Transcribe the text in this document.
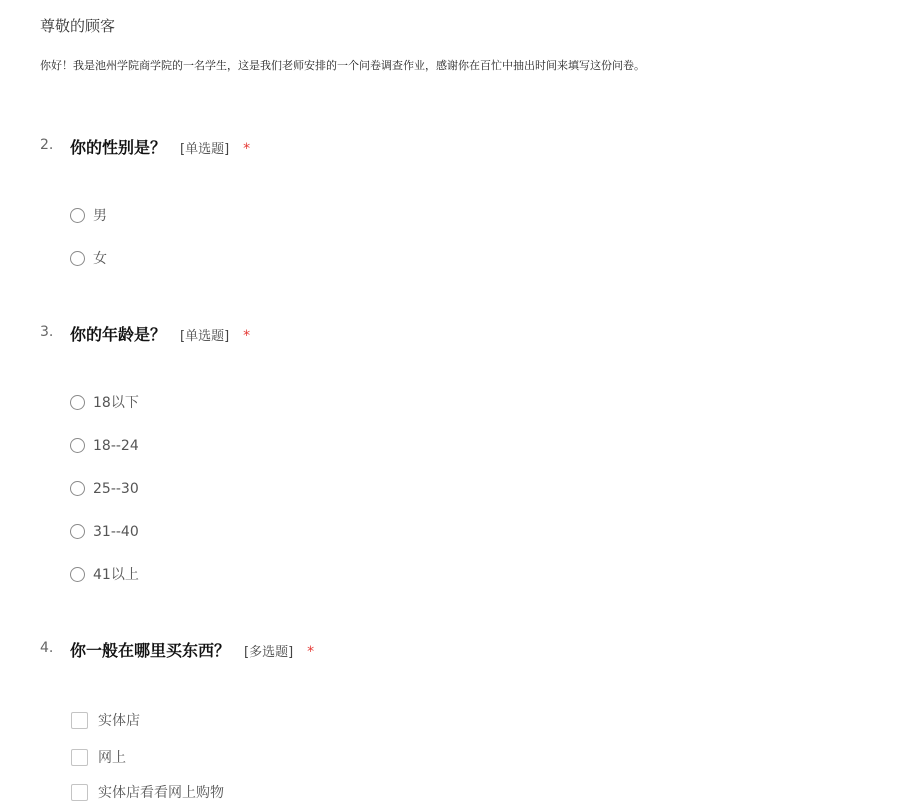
尊敬的顾客
你好！我是池州学院商学院的一名学生，这是我们老师安排的一个问卷调查作业，感谢你在百忙中抽出时间来填写这份问卷。
2. 你的性别是？ [单选题] *
男
女
3. 你的年龄是？ [单选题] *
18以下
18--24
25--30
31--40
41以上
4. 你一般在哪里买东西？ [多选题] *
实体店
网上
实体店看看网上购物
